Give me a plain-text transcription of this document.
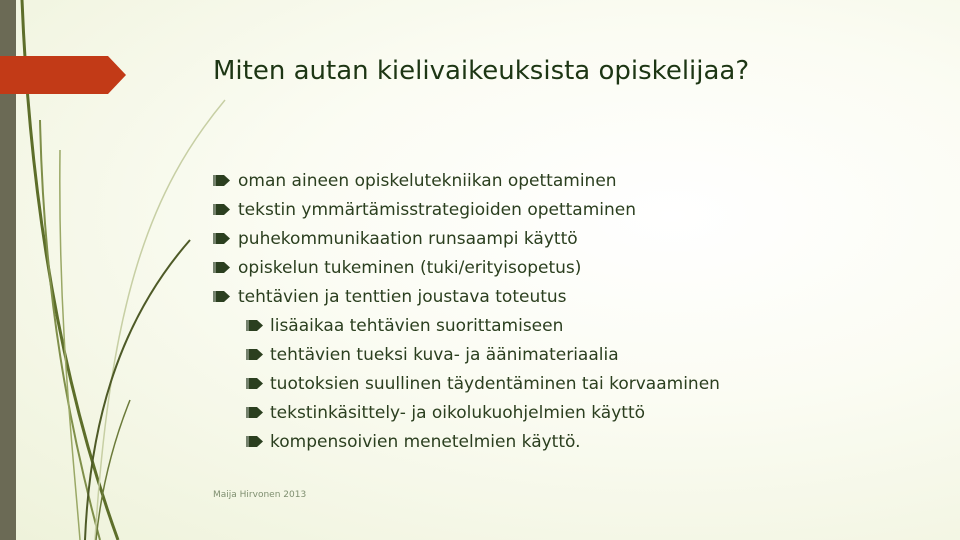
Miten autan kielivaikeuksista opiskelijaa?
oman aineen opiskelutekniikan opettaminen
tekstin ymmärtämisstrategioiden opettaminen
puhekommunikaation runsaampi käyttö
opiskelun tukeminen (tuki/erityisopetus)
tehtävien ja tenttien joustava toteutus
lisäaikaa tehtävien suorittamiseen
tehtävien tueksi kuva- ja äänimateriaalia
tuotoksien suullinen täydentäminen tai korvaaminen
tekstinkäsittely- ja oikolukuohjelmien käyttö
kompensoivien menetelmien käyttö.
Maija Hirvonen 2013
